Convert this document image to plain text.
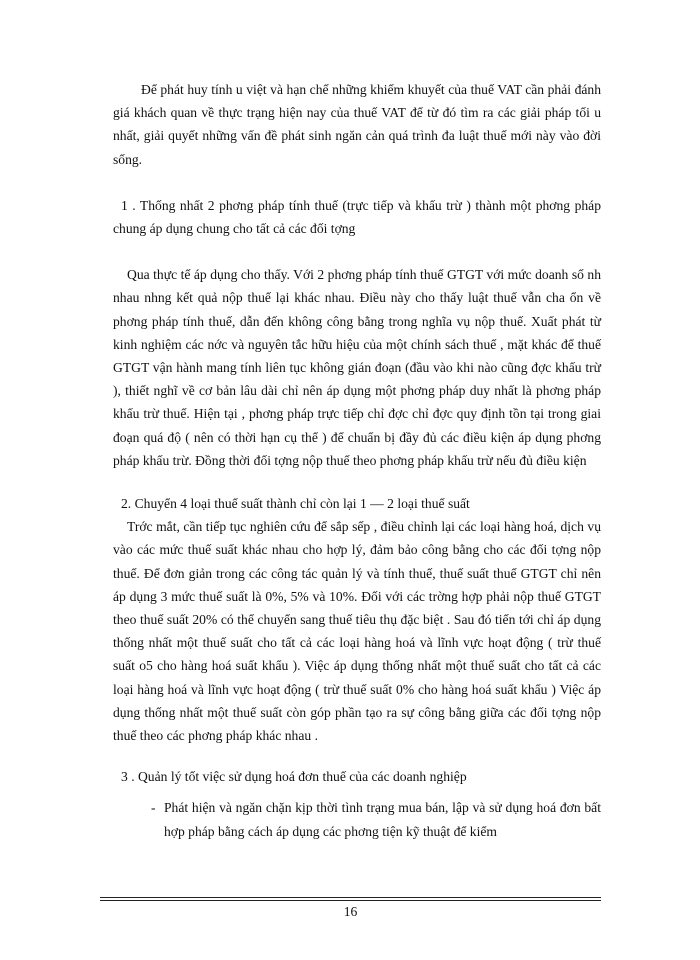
Để phát huy tính u việt và hạn chế những khiếm khuyết của thuế VAT cần phải đánh giá khách quan về thực trạng hiện nay của thuế VAT để từ đó tìm ra các giải pháp tối u nhất, giải quyết những vấn đề phát sinh ngăn cản quá trình đa luật thuế mới này vào đời sống.

1 . Thống nhất 2 phơng pháp tính thuế (trực tiếp và khấu trừ ) thành một phơng pháp chung áp dụng chung cho tất cả các đối tợng

Qua thực tế áp dụng cho thấy. Với 2 phơng pháp tính thuế GTGT với mức doanh số nh nhau nhng kết quả nộp thuế lại khác nhau. Điều này cho thấy luật thuế vẫn cha ổn về phơng pháp tính thuế, dẫn đến không công bằng trong nghĩa vụ nộp thuế. Xuất phát từ kinh nghiệm các nớc và nguyên tắc hữu hiệu của một chính sách thuế , mặt khác để thuế GTGT vận hành mang tính liên tục không gián đoạn (đầu vào khi nào cũng đợc khấu trừ ), thiết nghĩ về cơ bản lâu dài chỉ nên áp dụng một phơng pháp duy nhất là phơng pháp khấu trừ thuế. Hiện tại , phơng pháp trực tiếp chỉ đợc chỉ đợc quy định tồn tại trong giai đoạn quá độ ( nên có thời hạn cụ thể ) để chuẩn bị đầy đủ các điều kiện áp dụng phơng pháp khấu trừ. Đồng thời đối tợng nộp thuế theo phơng pháp khấu trừ nếu đủ điều kiện

2. Chuyển 4 loại thuế suất thành chỉ còn lại 1 — 2 loại thuế suất

Trớc mắt, cần tiếp tục nghiên cứu để sắp sếp , điều chỉnh lại các loại hàng hoá, dịch vụ vào các mức thuế suất khác nhau cho hợp lý, đảm bảo công bằng cho các đối tợng nộp thuế. Để đơn giản trong các công tác quản lý và tính thuế, thuế suất thuế GTGT chỉ nên áp dụng 3 mức thuế suất là 0%, 5% và 10%. Đối với các trờng hợp phải nộp thuế GTGT theo thuế suất 20% có thể chuyển sang thuế tiêu thụ đặc biệt . Sau đó tiến tới chỉ áp dụng thống nhất một thuế suất cho tất cả các loại hàng hoá và lĩnh vực hoạt động ( trừ thuế suất o5 cho hàng hoá suất khẩu ). Việc áp dụng thống nhất một thuế suất cho tất cả các loại hàng hoá và lĩnh vực hoạt động ( trừ thuế suất 0% cho hàng hoá suất khẩu ) Việc áp dụng thống nhất một thuế suất còn góp phần tạo ra sự công bằng giữa các đối tợng nộp thuế theo các phơng pháp khác nhau .

3 . Quản lý tốt việc sử dụng hoá đơn thuế của các doanh nghiệp

- Phát hiện và ngăn chặn kịp thời tình trạng mua bán, lập và sử dụng hoá đơn bất hợp pháp bằng cách áp dụng các phơng tiện kỹ thuật để kiểm

16
